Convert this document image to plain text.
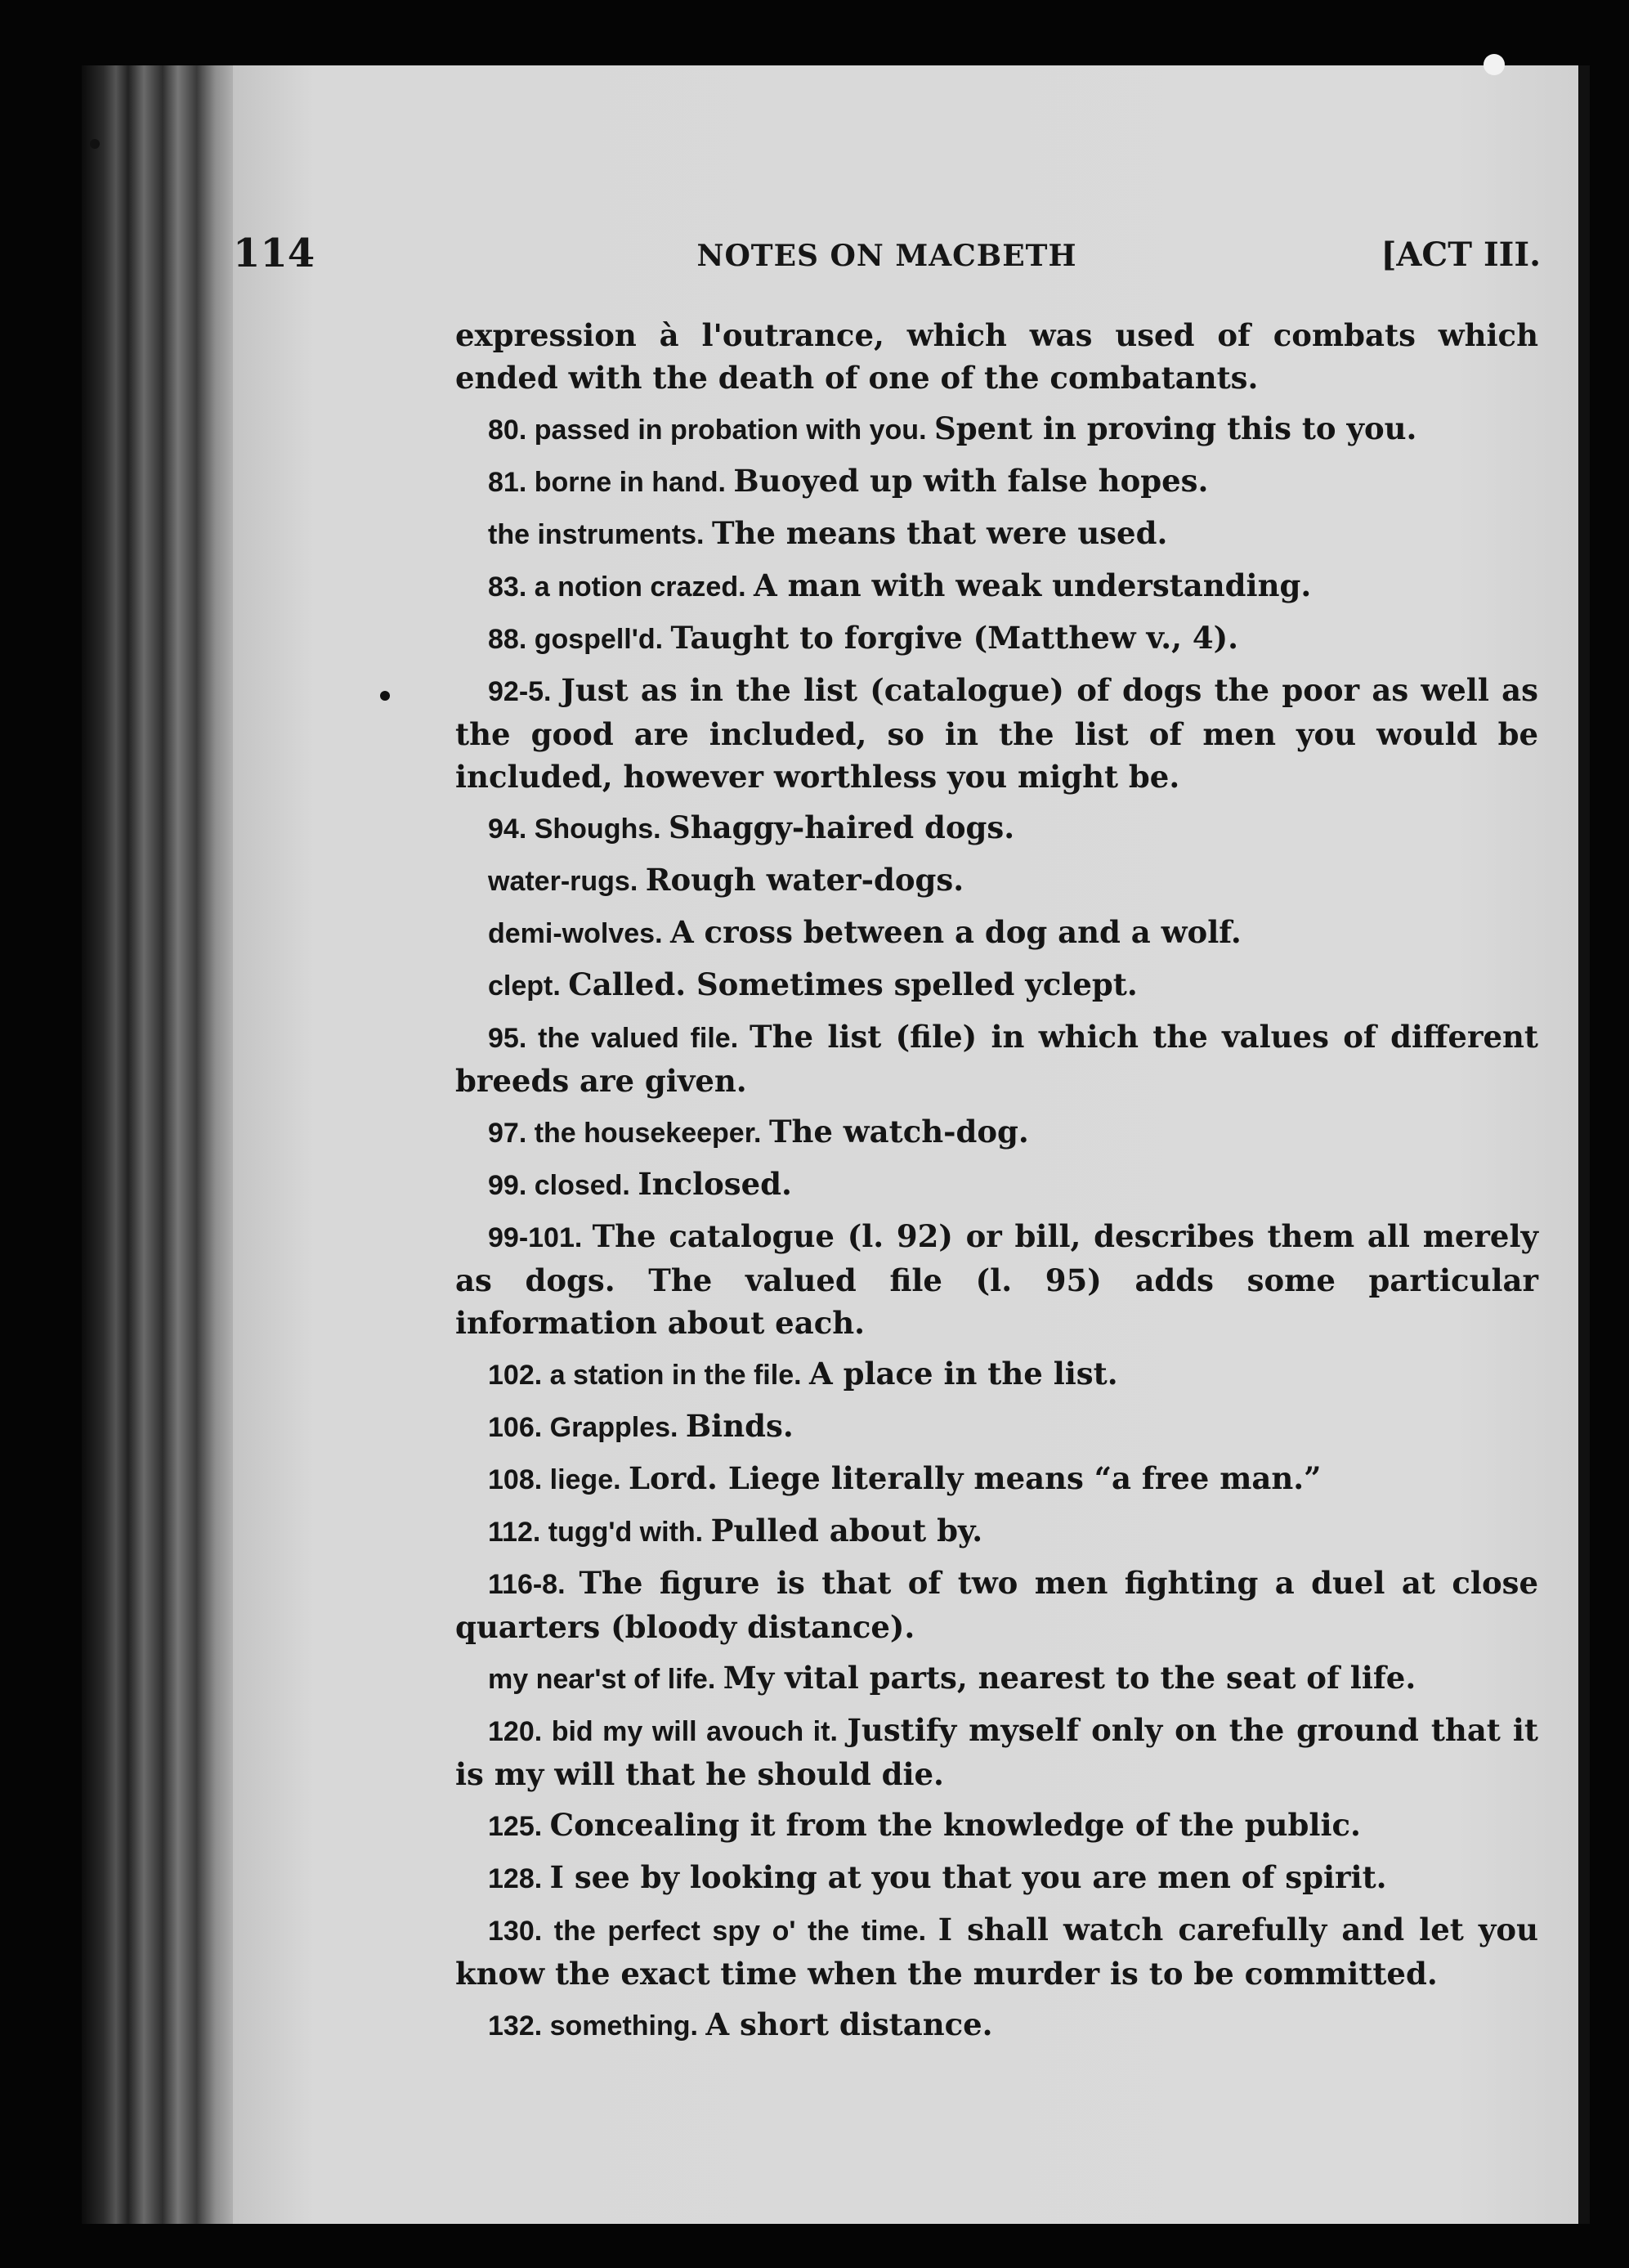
114	NOTES ON MACBETH	[ACT III.

expression à l'outrance, which was used of combats which ended with the death of one of the combatants.

80. passed in probation with you. Spent in proving this to you.

81. borne in hand. Buoyed up with false hopes.

the instruments. The means that were used.

83. a notion crazed. A man with weak understanding.

88. gospell'd. Taught to forgive (Matthew v., 4).

92-5. Just as in the list (catalogue) of dogs the poor as well as the good are included, so in the list of men you would be included, however worthless you might be.

94. Shoughs. Shaggy-haired dogs.

water-rugs. Rough water-dogs.

demi-wolves. A cross between a dog and a wolf.

clept. Called. Sometimes spelled yclept.

95. the valued file. The list (file) in which the values of different breeds are given.

97. the housekeeper. The watch-dog.

99. closed. Inclosed.

99-101. The catalogue (l. 92) or bill, describes them all merely as dogs. The valued file (l. 95) adds some particular information about each.

102. a station in the file. A place in the list.

106. Grapples. Binds.

108. liege. Lord. Liege literally means “a free man.”

112. tugg'd with. Pulled about by.

116-8. The figure is that of two men fighting a duel at close quarters (bloody distance).

my near'st of life. My vital parts, nearest to the seat of life.

120. bid my will avouch it. Justify myself only on the ground that it is my will that he should die.

125. Concealing it from the knowledge of the public.

128. I see by looking at you that you are men of spirit.

130. the perfect spy o' the time. I shall watch carefully and let you know the exact time when the murder is to be committed.

132. something. A short distance.
